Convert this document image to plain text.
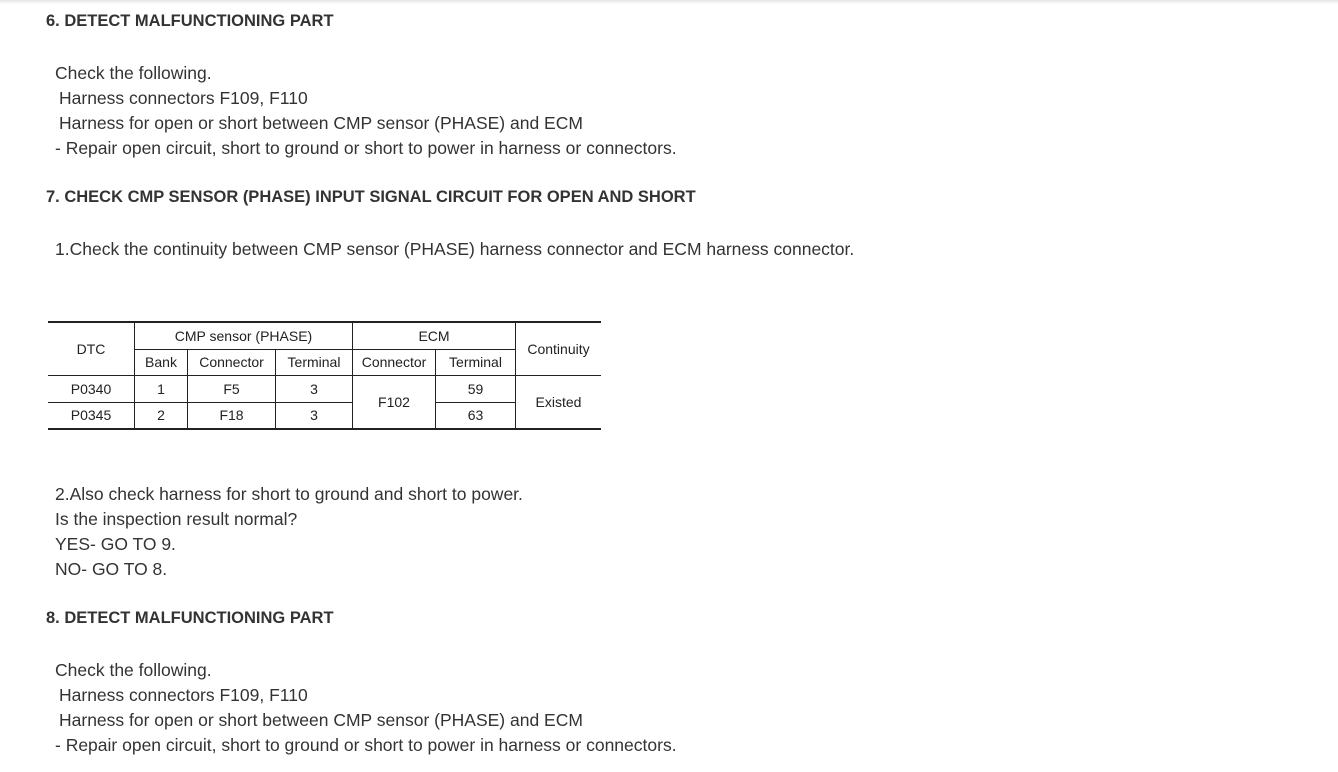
6. DETECT MALFUNCTIONING PART
Check the following.
Harness connectors F109, F110
Harness for open or short between CMP sensor (PHASE) and ECM
- Repair open circuit, short to ground or short to power in harness or connectors.
7. CHECK CMP SENSOR (PHASE) INPUT SIGNAL CIRCUIT FOR OPEN AND SHORT
1.Check the continuity between CMP sensor (PHASE) harness connector and ECM harness connector.
DTC	CMP sensor (PHASE)			ECM		Continuity
	Bank	Connector	Terminal	Connector	Terminal	
P0340	1	F5	3	F102	59	Existed
P0345	2	F18	3		63	
2.Also check harness for short to ground and short to power.
Is the inspection result normal?
YES- GO TO 9.
NO- GO TO 8.
8. DETECT MALFUNCTIONING PART
Check the following.
Harness connectors F109, F110
Harness for open or short between CMP sensor (PHASE) and ECM
- Repair open circuit, short to ground or short to power in harness or connectors.
